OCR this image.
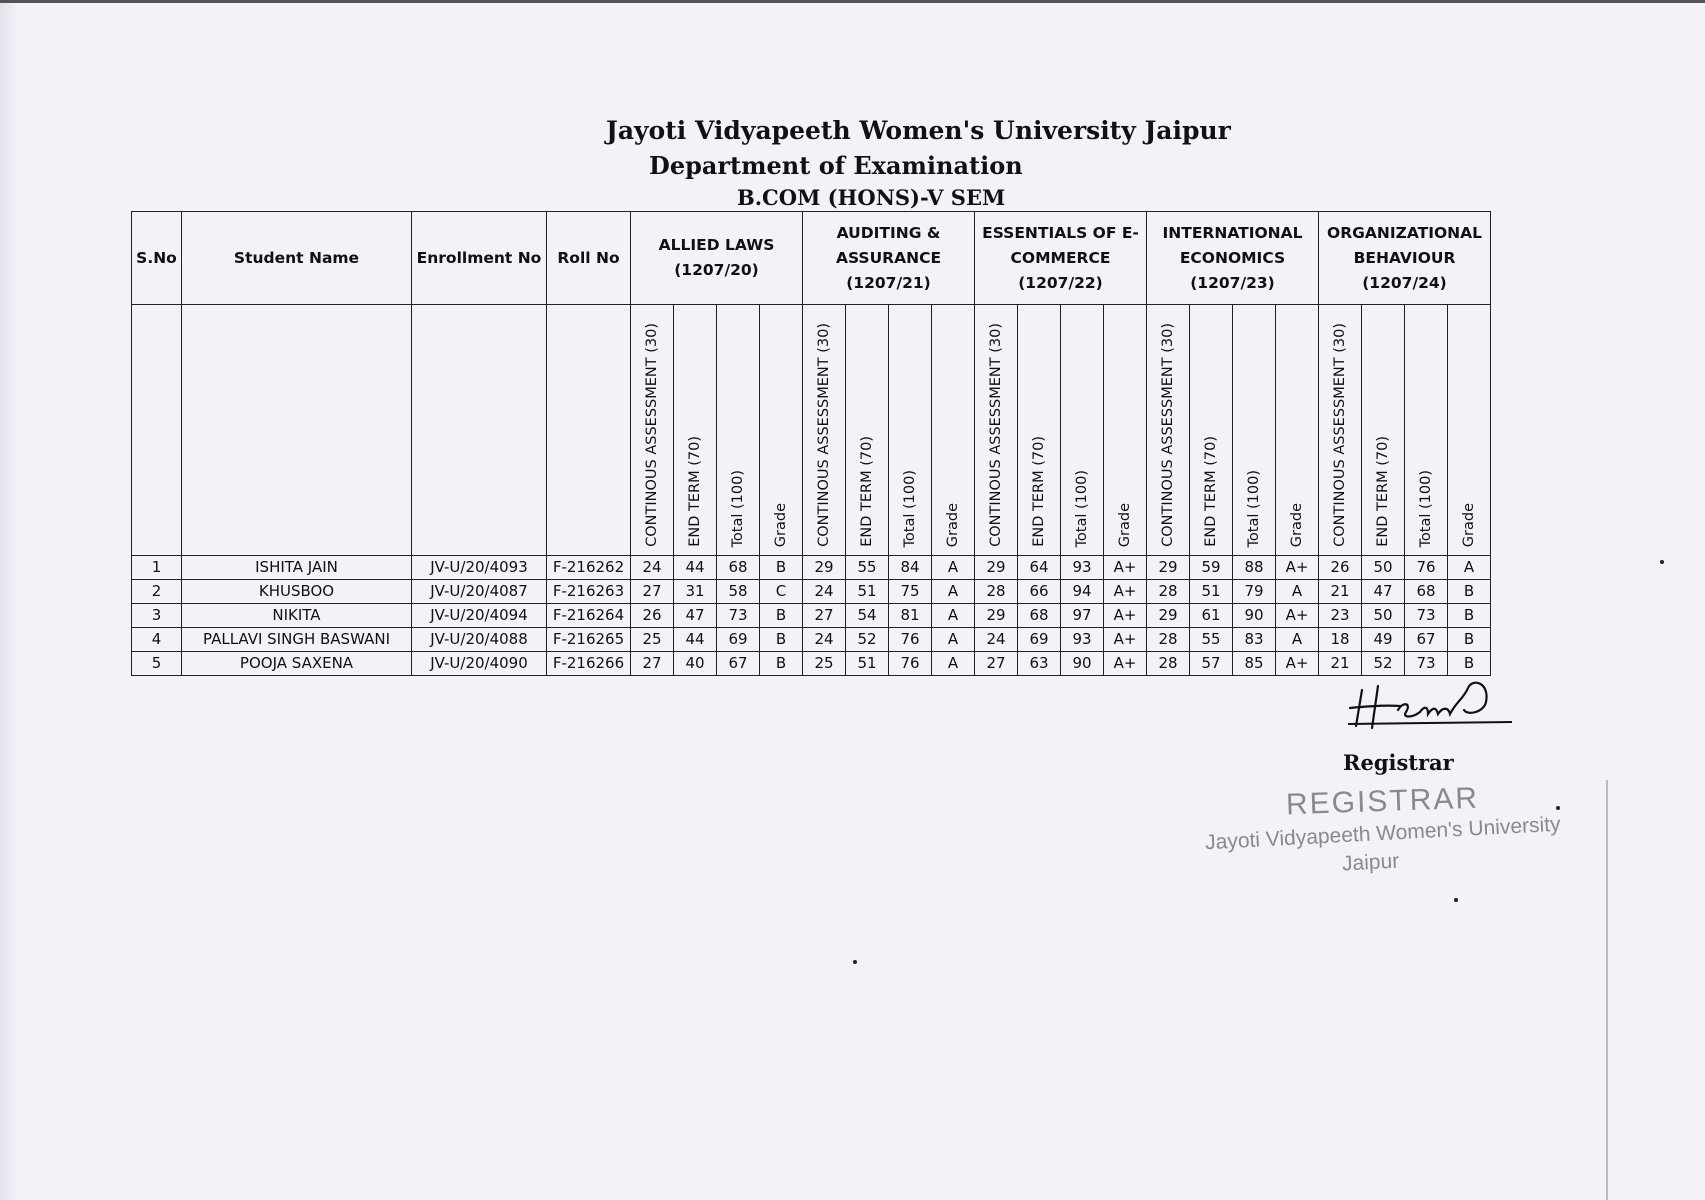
Jayoti Vidyapeeth Women's University Jaipur
Department of Examination
B.COM (HONS)-V SEM
S.No	Student Name	Enrollment No	Roll No	ALLIED LAWS
(1207/20)				AUDITING & ASSURANCE
(1207/21)				ESSENTIALS OF E-COMMERCE
(1207/22)				INTERNATIONAL ECONOMICS
(1207/23)				ORGANIZATIONAL BEHAVIOUR
(1207/24)			

				CONTINOUS ASSESSMENT (30)	END TERM (70)	Total (100)	Grade	CONTINOUS ASSESSMENT (30)	END TERM (70)	Total (100)	Grade	CONTINOUS ASSESSMENT (30)	END TERM (70)	Total (100)	Grade	CONTINOUS ASSESSMENT (30)	END TERM (70)	Total (100)	Grade	CONTINOUS ASSESSMENT (30)	END TERM (70)	Total (100)	Grade
1	ISHITA JAIN	JV-U/20/4093	F-216262	24	44	68	B	29	55	84	A	29	64	93	A+	29	59	88	A+	26	50	76	A
2	KHUSBOO	JV-U/20/4087	F-216263	27	31	58	C	24	51	75	A	28	66	94	A+	28	51	79	A	21	47	68	B
3	NIKITA	JV-U/20/4094	F-216264	26	47	73	B	27	54	81	A	29	68	97	A+	29	61	90	A+	23	50	73	B
4	PALLAVI SINGH BASWANI	JV-U/20/4088	F-216265	25	44	69	B	24	52	76	A	24	69	93	A+	28	55	83	A	18	49	67	B
5	POOJA SAXENA	JV-U/20/4090	F-216266	27	40	67	B	25	51	76	A	27	63	90	A+	28	57	85	A+	21	52	73	B
Registrar
REGISTRAR
Jayoti Vidyapeeth Women's University
Jaipur
